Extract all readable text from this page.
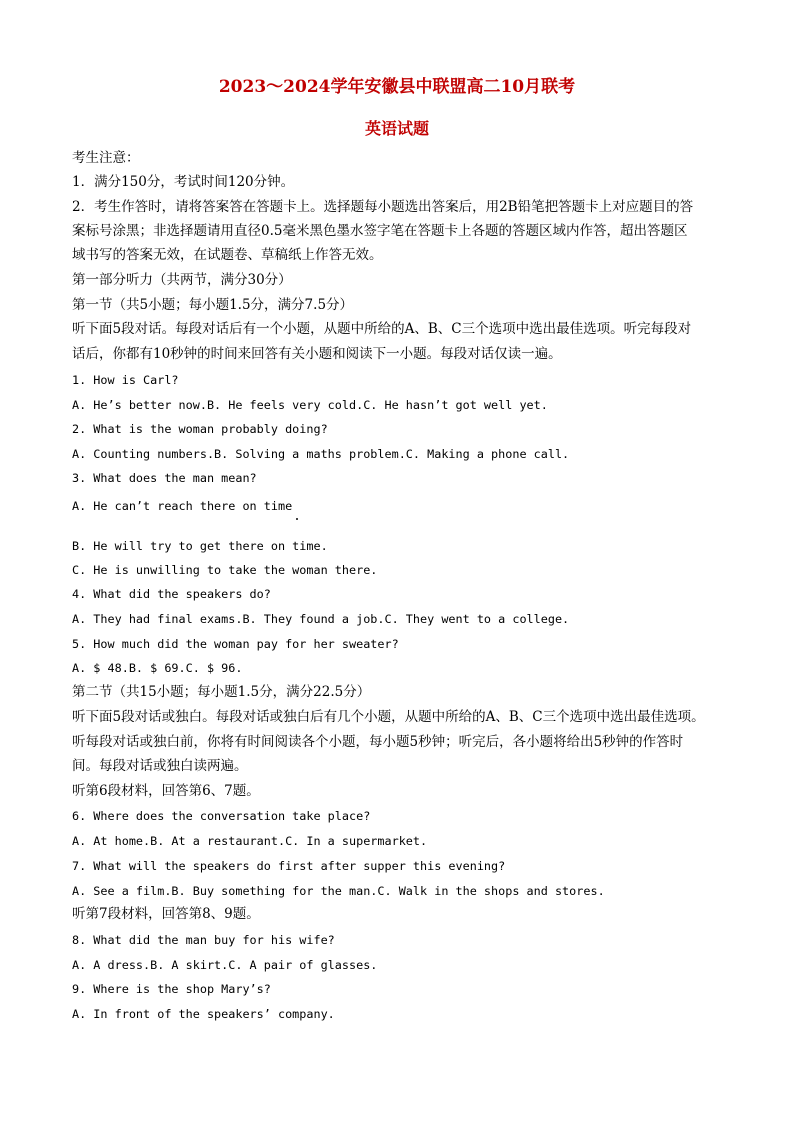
2023～2024学年安徽县中联盟高二10月联考
英语试题
考生注意：
1．满分150分，考试时间120分钟。
2．考生作答时，请将答案答在答题卡上。选择题每小题选出答案后，用2B铅笔把答题卡上对应题目的答
案标号涂黑；非选择题请用直径0.5毫米黑色墨水签字笔在答题卡上各题的答题区域内作答，超出答题区
域书写的答案无效，在试题卷、草稿纸上作答无效。
第一部分听力（共两节，满分30分）
第一节（共5小题；每小题1.5分，满分7.5分）
听下面5段对话。每段对话后有一个小题，从题中所给的A、B、C三个选项中选出最佳选项。听完每段对
话后，你都有10秒钟的时间来回答有关小题和阅读下一小题。每段对话仅读一遍。
1. How is Carl?
A. He’s better now.B. He feels very cold.C. He hasn’t got well yet.
2. What is the woman probably doing?
A. Counting numbers.B. Solving a maths problem.C. Making a phone call.
3. What does the man mean?
A. He can’t reach there on time
B. He will try to get there on time.
C. He is unwilling to take the woman there.
4. What did the speakers do?
A. They had final exams.B. They found a job.C. They went to a college.
5. How much did the woman pay for her sweater?
A. $ 48.B. $ 69.C. $ 96.
第二节（共15小题；每小题1.5分，满分22.5分）
听下面5段对话或独白。每段对话或独白后有几个小题，从题中所给的A、B、C三个选项中选出最佳选项。
听每段对话或独白前，你将有时间阅读各个小题，每小题5秒钟；听完后，各小题将给出5秒钟的作答时
间。每段对话或独白读两遍。
听第6段材料，回答第6、7题。
6. Where does the conversation take place?
A. At home.B. At a restaurant.C. In a supermarket.
7. What will the speakers do first after supper this evening?
A. See a film.B. Buy something for the man.C. Walk in the shops and stores.
听第7段材料，回答第8、9题。
8. What did the man buy for his wife?
A. A dress.B. A skirt.C. A pair of glasses.
9. Where is the shop Mary’s?
A. In front of the speakers’ company.
